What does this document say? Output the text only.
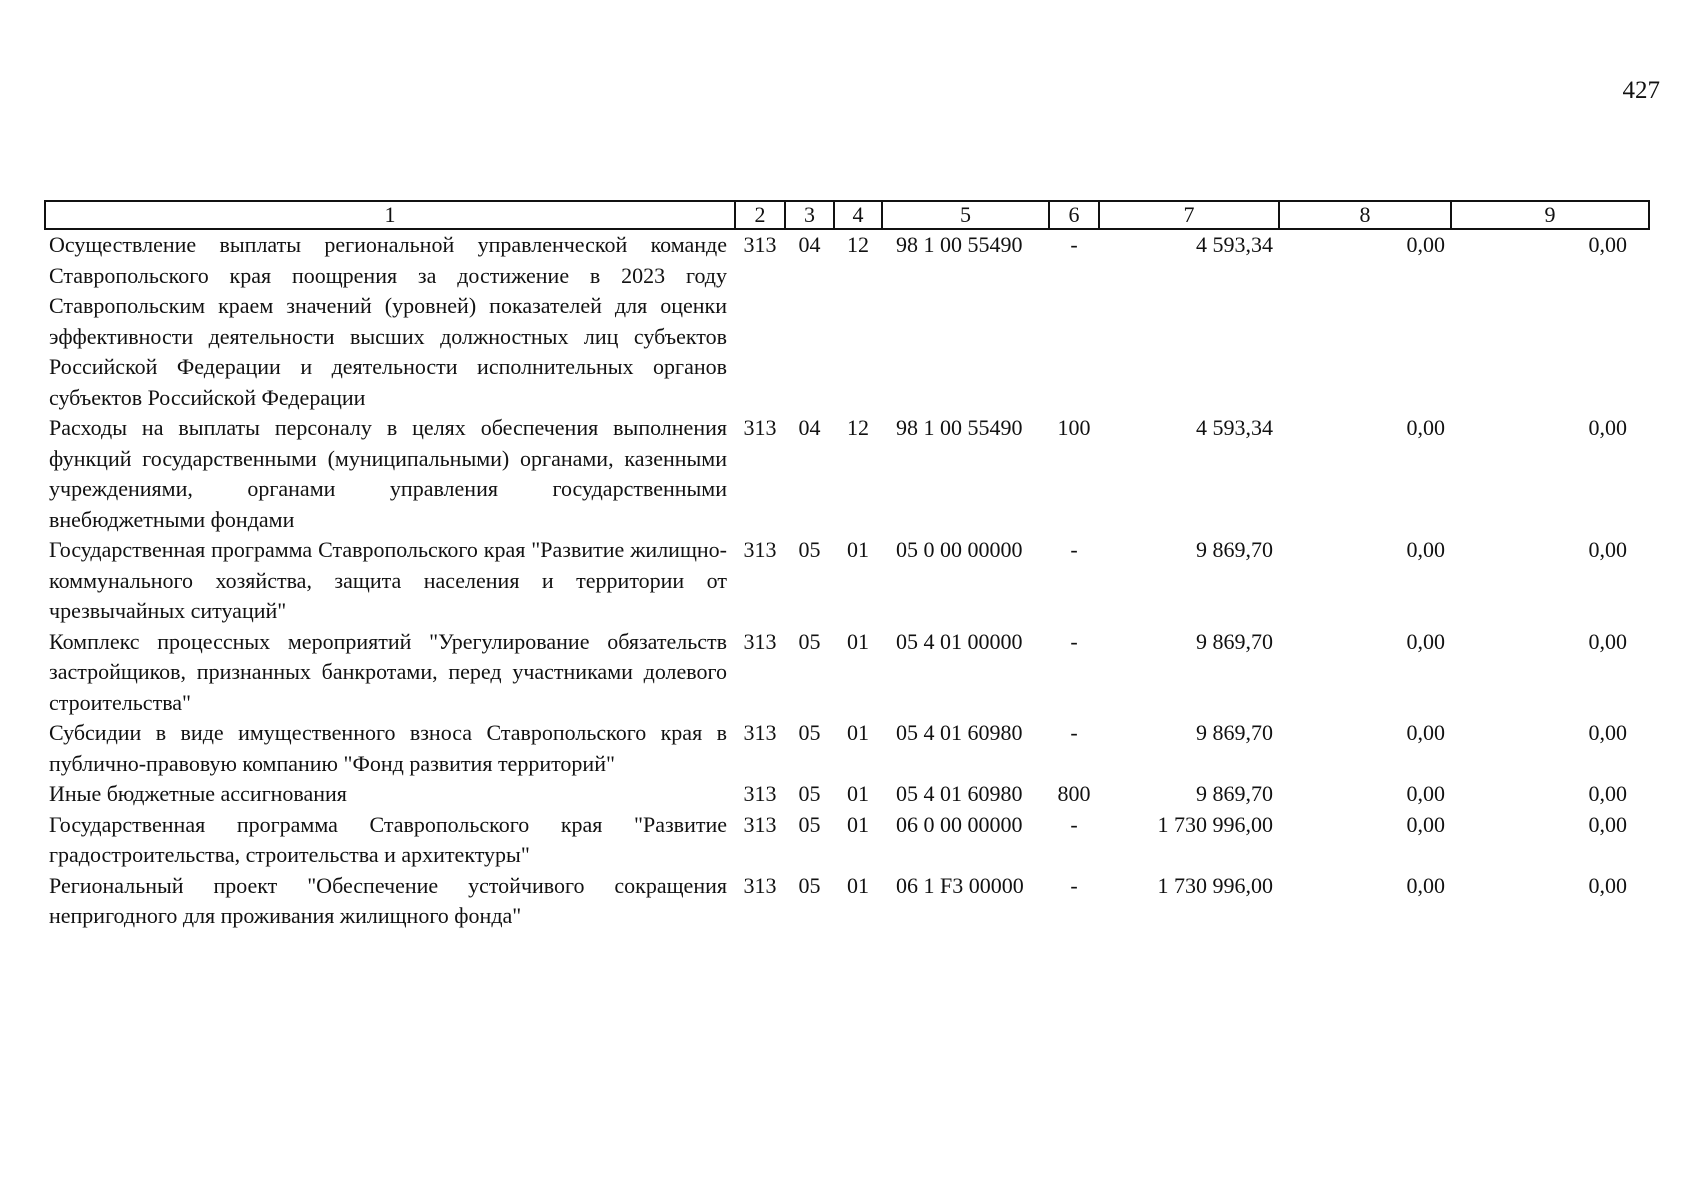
427
1	2	3	4	5	6	7	8	9
Осуществление выплаты региональной управленческой команде Ставропольского края поощрения за достижение в 2023 году Ставропольским краем значений (уровней) показателей для оценки эффективности деятельности высших должностных лиц субъектов Российской Федерации и деятельности исполнительных органов субъектов Российской Федерации	313	04	12	98 1 00 55490	-	4 593,34	0,00	0,00
Расходы на выплаты персоналу в целях обеспечения выполнения функций государственными (муниципальными) органами, казенными учреждениями, органами управления государственными внебюджетными фондами	313	04	12	98 1 00 55490	100	4 593,34	0,00	0,00
Государственная программа Ставропольского края "Развитие жилищно-коммунального хозяйства, защита населения и территории от чрезвычайных ситуаций"	313	05	01	05 0 00 00000	-	9 869,70	0,00	0,00
Комплекс процессных мероприятий "Урегулирование обязательств застройщиков, признанных банкротами, перед участниками долевого строительства"	313	05	01	05 4 01 00000	-	9 869,70	0,00	0,00
Субсидии в виде имущественного взноса Ставропольского края в публично-правовую компанию "Фонд развития территорий"	313	05	01	05 4 01 60980	-	9 869,70	0,00	0,00
Иные бюджетные ассигнования	313	05	01	05 4 01 60980	800	9 869,70	0,00	0,00
Государственная программа Ставропольского края "Развитие градостроительства, строительства и архитектуры"	313	05	01	06 0 00 00000	-	1 730 996,00	0,00	0,00
Региональный проект "Обеспечение устойчивого сокращения непригодного для проживания жилищного фонда"	313	05	01	06 1 F3 00000	-	1 730 996,00	0,00	0,00
